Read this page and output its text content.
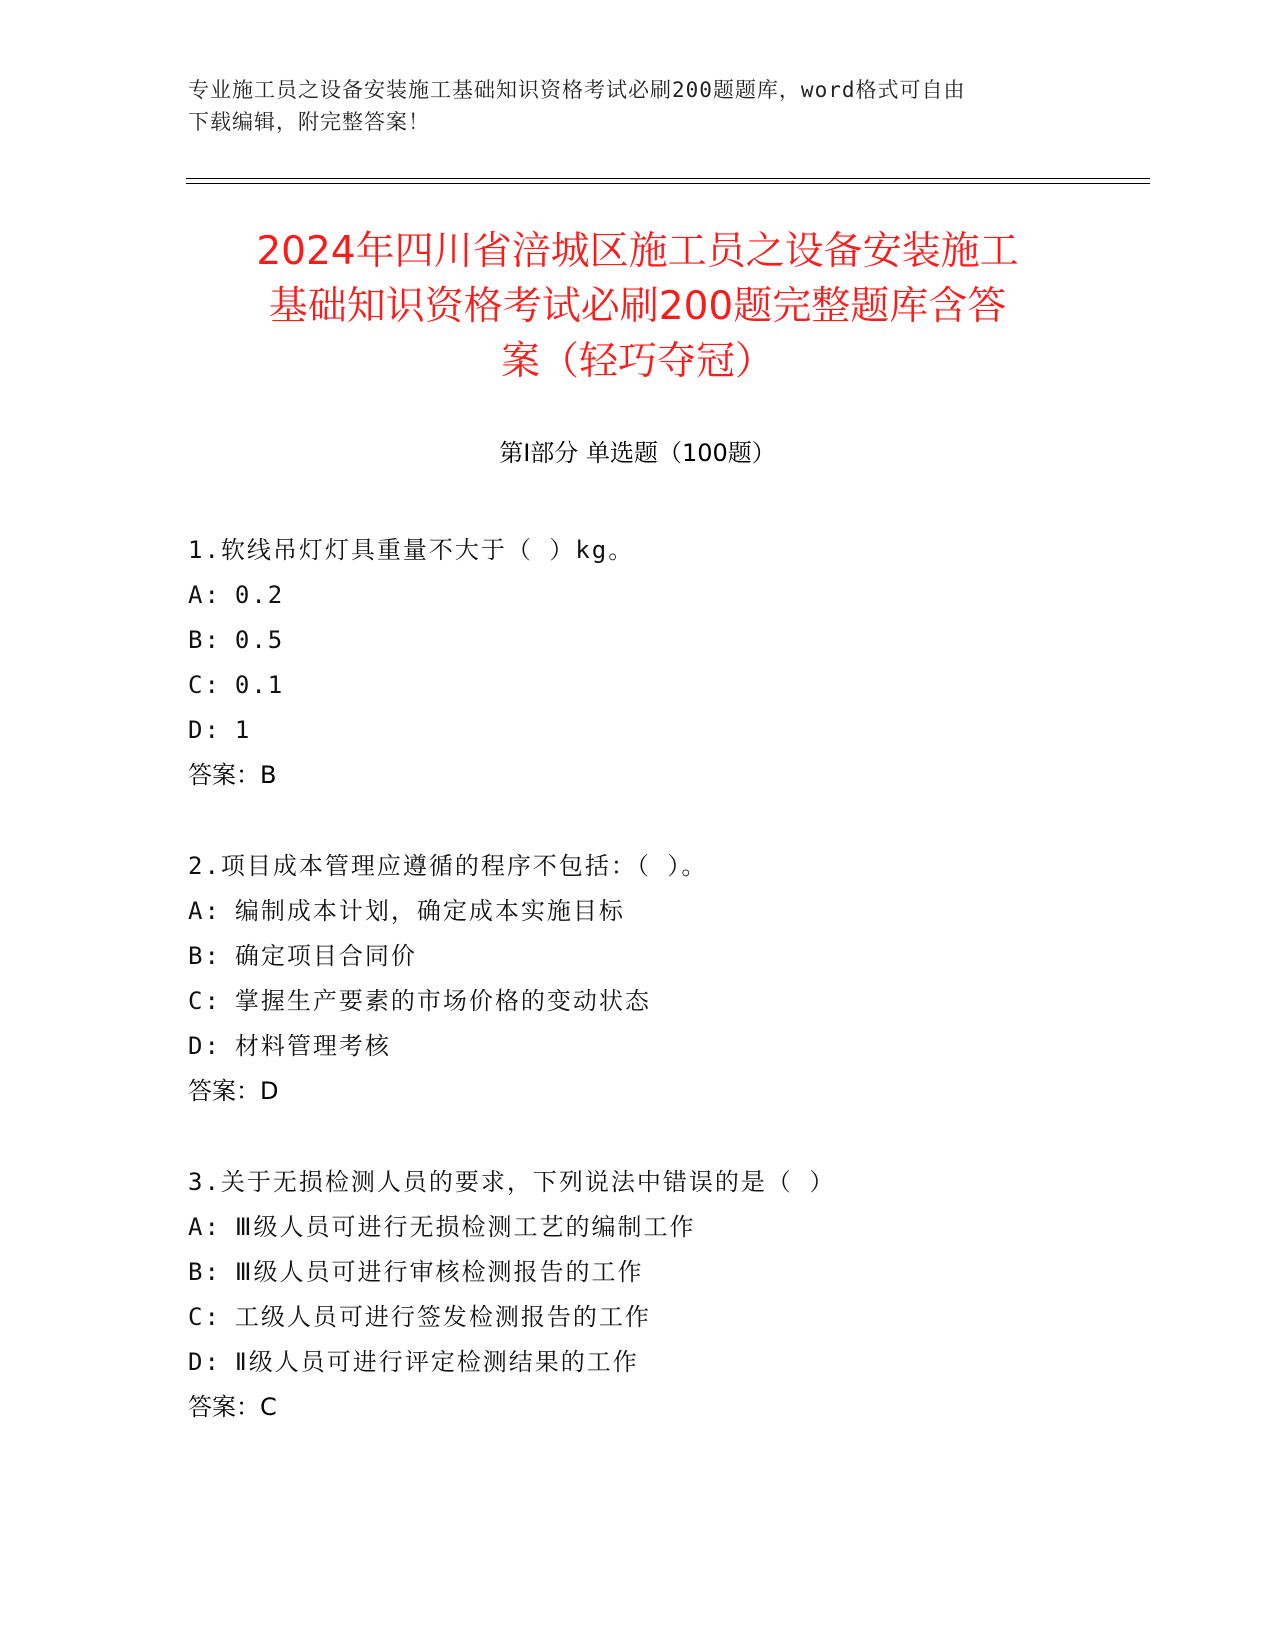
专业施工员之设备安装施工基础知识资格考试必刷200题题库，word格式可自由
下载编辑，附完整答案！
2024年四川省涪城区施工员之设备安装施工
基础知识资格考试必刷200题完整题库含答
案（轻巧夺冠）
第I部分 单选题（100题）
1.软线吊灯灯具重量不大于（ ）kg。
A: 0.2
B: 0.5
C: 0.1
D: 1
答案：B
2.项目成本管理应遵循的程序不包括：（ ）。
A: 编制成本计划，确定成本实施目标
B: 确定项目合同价
C: 掌握生产要素的市场价格的变动状态
D: 材料管理考核
答案：D
3.关于无损检测人员的要求，下列说法中错误的是（ ）
A: Ⅲ级人员可进行无损检测工艺的编制工作
B: Ⅲ级人员可进行审核检测报告的工作
C: 工级人员可进行签发检测报告的工作
D: Ⅱ级人员可进行评定检测结果的工作
答案：C
